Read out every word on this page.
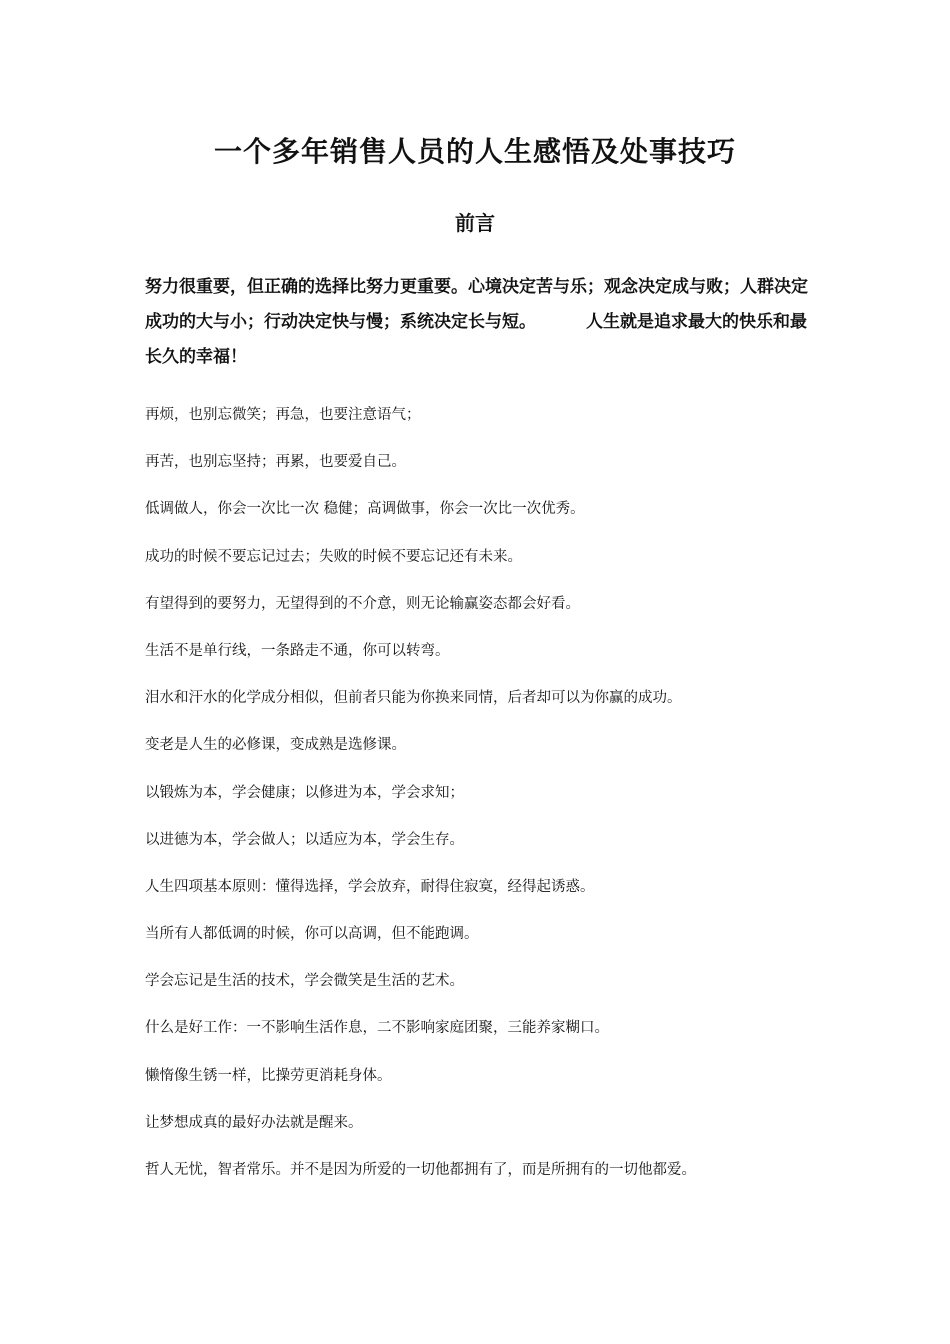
一个多年销售人员的人生感悟及处事技巧
前言

努力很重要，但正确的选择比努力更重要。心境决定苦与乐；观念决定成与败；人群决定成功的大与小；行动决定快与慢；系统决定长与短。	人生就是追求最大的快乐和最长久的幸福！

再烦，也别忘微笑；再急，也要注意语气；
再苦，也别忘坚持；再累，也要爱自己。
低调做人，你会一次比一次 稳健；高调做事，你会一次比一次优秀。
成功的时候不要忘记过去；失败的时候不要忘记还有未来。
有望得到的要努力，无望得到的不介意，则无论输赢姿态都会好看。
生活不是单行线，一条路走不通，你可以转弯。
泪水和汗水的化学成分相似，但前者只能为你换来同情，后者却可以为你赢的成功。
变老是人生的必修课，变成熟是选修课。
以锻炼为本，学会健康；以修进为本，学会求知；
以进德为本，学会做人；以适应为本，学会生存。
人生四项基本原则：懂得选择，学会放弃，耐得住寂寞，经得起诱惑。
当所有人都低调的时候，你可以高调，但不能跑调。
学会忘记是生活的技术，学会微笑是生活的艺术。
什么是好工作：一不影响生活作息，二不影响家庭团聚，三能养家糊口。
懒惰像生锈一样，比操劳更消耗身体。
让梦想成真的最好办法就是醒来。
哲人无忧，智者常乐。并不是因为所爱的一切他都拥有了，而是所拥有的一切他都爱。
